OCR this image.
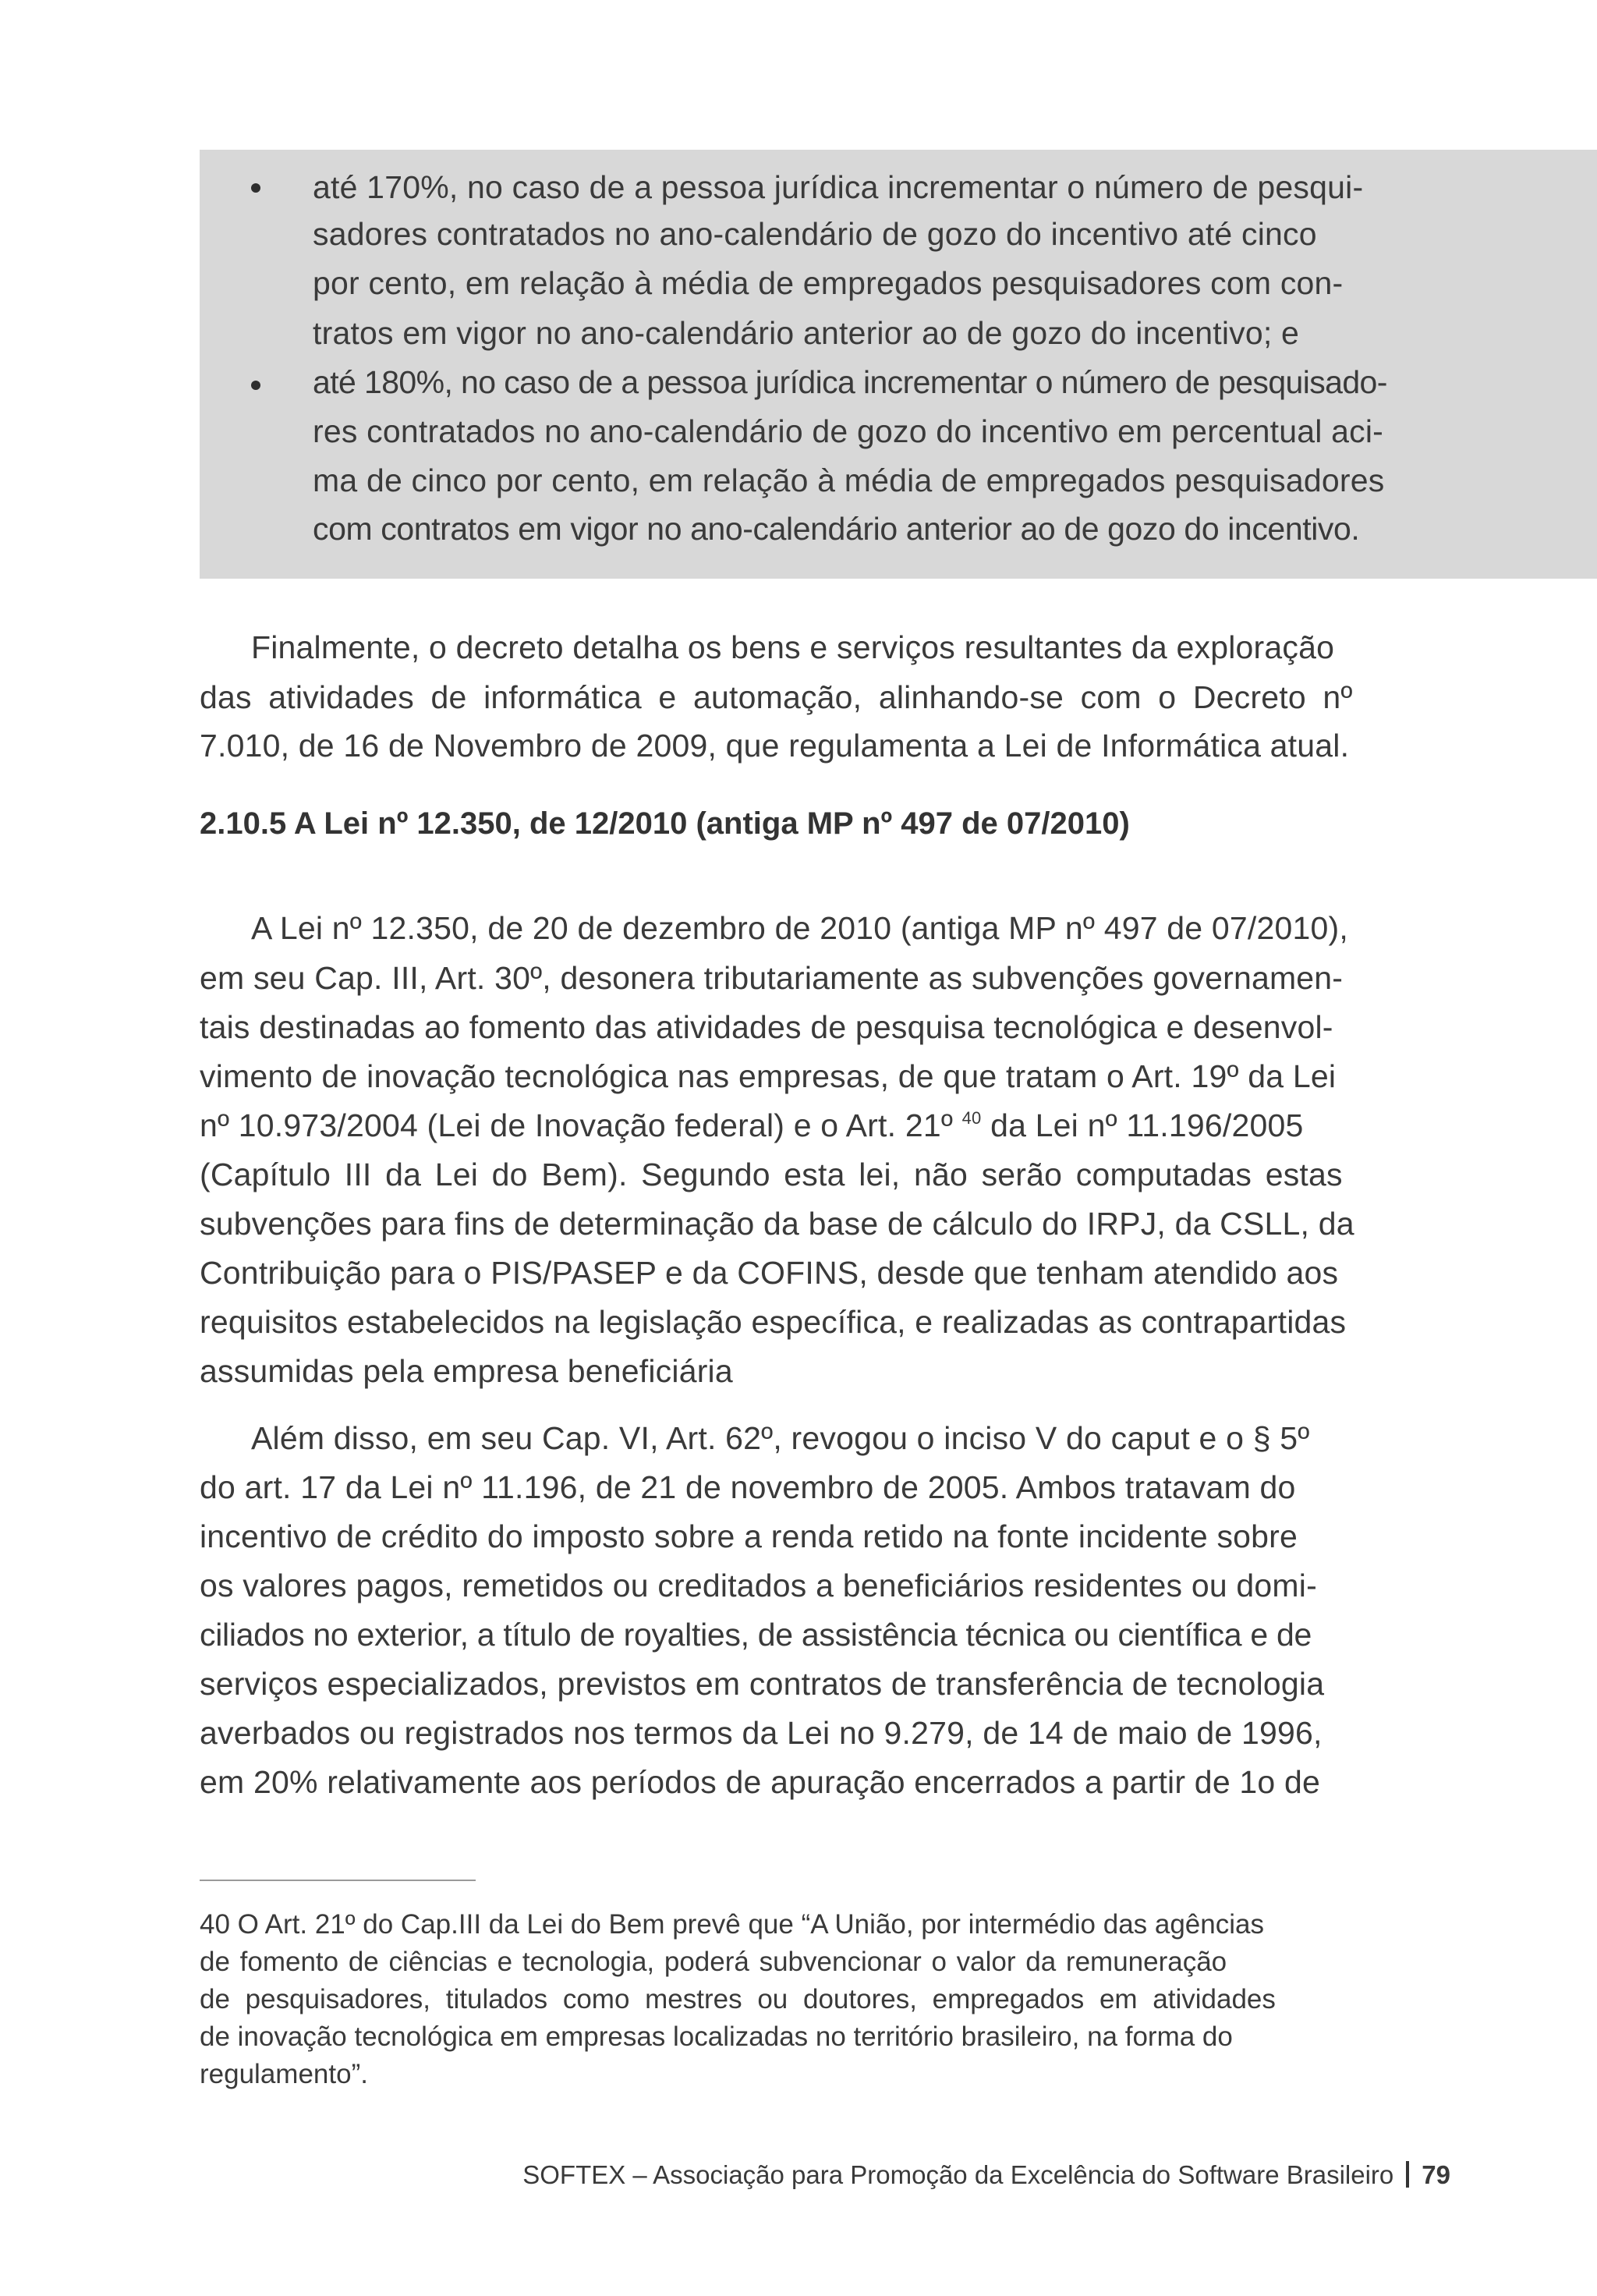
até 170%, no caso de a pessoa jurídica incrementar o número de pesqui-
sadores contratados no ano-calendário de gozo do incentivo até cinco
por cento, em relação à média de empregados pesquisadores com con-
tratos em vigor no ano-calendário anterior ao de gozo do incentivo; e
até 180%, no caso de a pessoa jurídica incrementar o número de pesquisado-
res contratados no ano-calendário de gozo do incentivo em percentual aci-
ma de cinco por cento, em relação à média de empregados pesquisadores
com contratos em vigor no ano-calendário anterior ao de gozo do incentivo.
Finalmente, o decreto detalha os bens e serviços resultantes da exploração
das atividades de informática e automação, alinhando-se com o Decreto nº
7.010, de 16 de Novembro de 2009, que regulamenta a Lei de Informática atual.
2.10.5 A Lei nº 12.350, de 12/2010 (antiga MP nº 497 de 07/2010)
A Lei nº 12.350, de 20 de dezembro de 2010 (antiga MP nº 497 de 07/2010),
em seu Cap. III, Art. 30º, desonera tributariamente as subvenções governamen-
tais destinadas ao fomento das atividades de pesquisa tecnológica e desenvol-
vimento de inovação tecnológica nas empresas, de que tratam o Art. 19º da Lei
nº 10.973/2004 (Lei de Inovação federal) e o Art. 21º $^{40}$ da Lei nº 11.196/2005
(Capítulo III da Lei do Bem). Segundo esta lei, não serão computadas estas
subvenções para fins de determinação da base de cálculo do IRPJ, da CSLL, da
Contribuição para o PIS/PASEP e da COFINS, desde que tenham atendido aos
requisitos estabelecidos na legislação específica, e realizadas as contrapartidas
assumidas pela empresa beneficiária
Além disso, em seu Cap. VI, Art. 62º, revogou o inciso V do caput e o § 5º
do art. 17 da Lei nº 11.196, de 21 de novembro de 2005. Ambos tratavam do
incentivo de crédito do imposto sobre a renda retido na fonte incidente sobre
os valores pagos, remetidos ou creditados a beneficiários residentes ou domi-
ciliados no exterior, a título de royalties, de assistência técnica ou científica e de
serviços especializados, previstos em contratos de transferência de tecnologia
averbados ou registrados nos termos da Lei no 9.279, de 14 de maio de 1996,
em 20% relativamente aos períodos de apuração encerrados a partir de 1o de
40 O Art. 21º do Cap.III da Lei do Bem prevê que “A União, por intermédio das agências
de fomento de ciências e tecnologia, poderá subvencionar o valor da remuneração
de pesquisadores, titulados como mestres ou doutores, empregados em atividades
de inovação tecnológica em empresas localizadas no território brasileiro, na forma do
regulamento”.
SOFTEX – Associação para Promoção da Excelência do Software Brasileiro 79
